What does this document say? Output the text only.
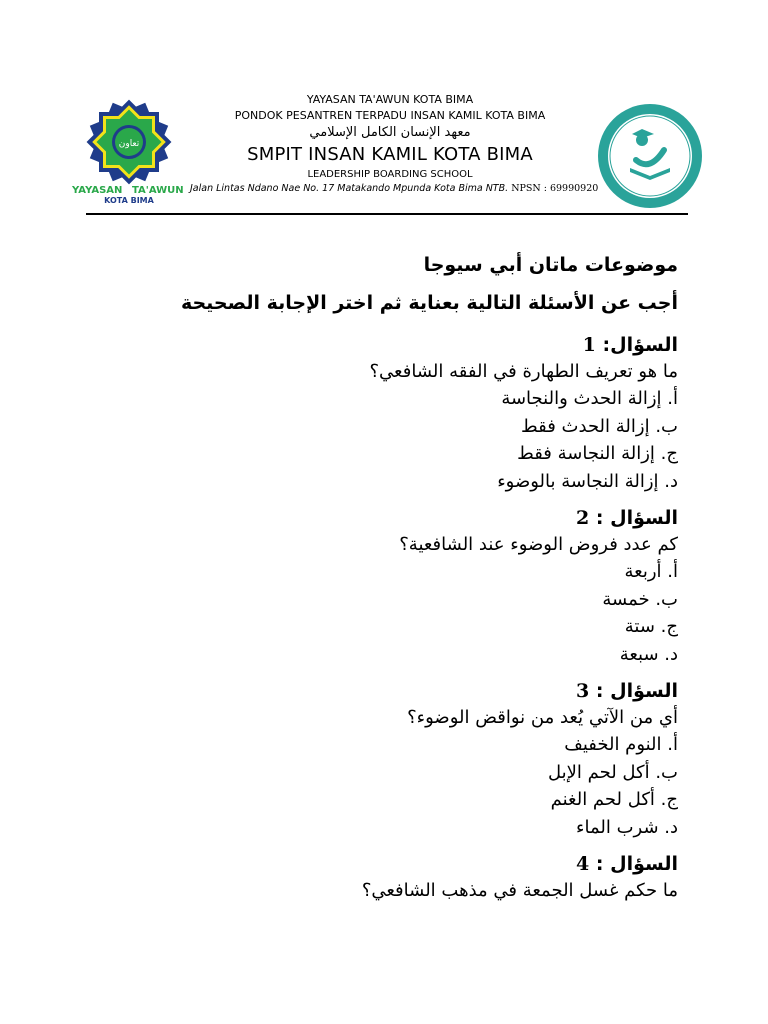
تعاون
YAYASAN TA'AWUN
KOTA BIMA
YAYASAN TA'AWUN KOTA BIMA
PONDOK PESANTREN TERPADU INSAN KAMIL KOTA BIMA
معهد الإنسان الكامل الإسلامي
SMPIT INSAN KAMIL KOTA BIMA
LEADERSHIP BOARDING SCHOOL
Jalan Lintas Ndano Nae No. 17 Matakando Mpunda Kota Bima NTB. NPSN : 69990920
موضوعات ماتان أبي سيوجا
أجب عن الأسئلة التالية بعناية ثم اختر الإجابة الصحيحة
السؤال: 1
ما هو تعريف الطهارة في الفقه الشافعي؟
أ. إزالة الحدث والنجاسة
ب. إزالة الحدث فقط
ج. إزالة النجاسة فقط
د. إزالة النجاسة بالوضوء
السؤال : 2
كم عدد فروض الوضوء عند الشافعية؟
أ. أربعة
ب. خمسة
ج. ستة
د. سبعة
السؤال : 3
أي من الآتي يُعد من نواقض الوضوء؟
أ. النوم الخفيف
ب. أكل لحم الإبل
ج. أكل لحم الغنم
د. شرب الماء
السؤال : 4
ما حكم غسل الجمعة في مذهب الشافعي؟
